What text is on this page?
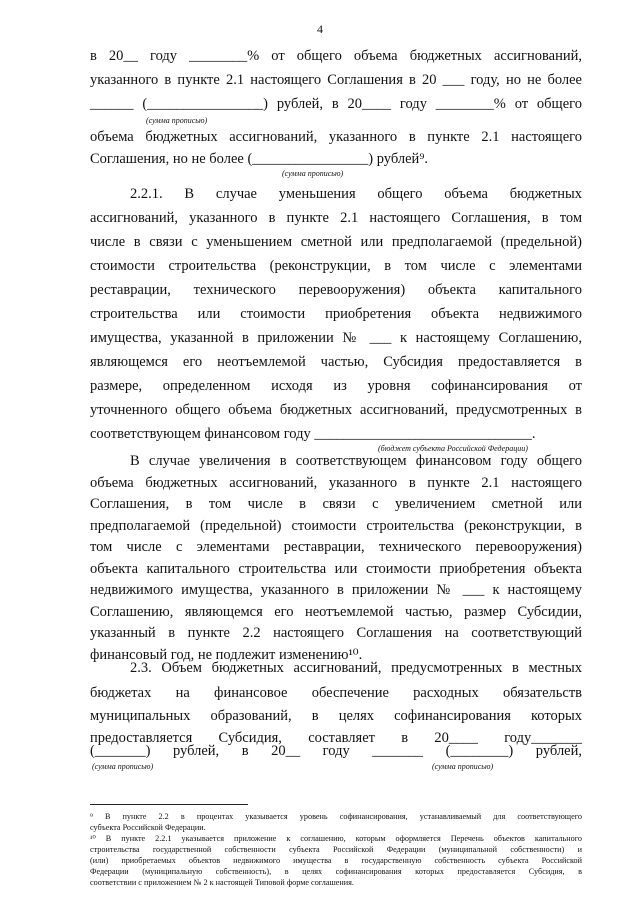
4
в 20__ году ________% от общего объема бюджетных ассигнований,
указанного в пункте 2.1 настоящего Соглашения в 20 ___ году, но не более
______ (________________) рублей, в 20____ году ________% от общего
(сумма прописью)
объема бюджетных ассигнований, указанного в пункте 2.1 настоящего
Соглашения, но не более (________________) рублей⁹.
(сумма прописью)
2.2.1. В случае уменьшения общего объема бюджетных
ассигнований, указанного в пункте 2.1 настоящего Соглашения, в том
числе в связи с уменьшением сметной или предполагаемой (предельной)
стоимости строительства (реконструкции, в том числе с элементами
реставрации, технического перевооружения) объекта капитального
строительства или стоимости приобретения объекта недвижимого
имущества, указанной в приложении № ___ к настоящему Соглашению,
являющемся его неотъемлемой частью, Субсидия предоставляется в
размере, определенном исходя из уровня софинансирования от
уточненного общего объема бюджетных ассигнований, предусмотренных в
соответствующем финансовом году ______________________________.
(бюджет субъекта Российской Федерации)
В случае увеличения в соответствующем финансовом году общего
объема бюджетных ассигнований, указанного в пункте 2.1 настоящего
Соглашения, в том числе в связи с увеличением сметной или
предполагаемой (предельной) стоимости строительства (реконструкции, в
том числе с элементами реставрации, технического перевооружения)
объекта капитального строительства или стоимости приобретения объекта
недвижимого имущества, указанного в приложении № ___ к настоящему
Соглашению, являющемся его неотъемлемой частью, размер Субсидии,
указанный в пункте 2.2 настоящего Соглашения на соответствующий
финансовый год, не подлежит изменению¹⁰.
2.3. Объем бюджетных ассигнований, предусмотренных в местных
бюджетах на финансовое обеспечение расходных обязательств
муниципальных образований, в целях софинансирования которых
предоставляется Субсидия, составляет в 20____ году_______
(_______) рублей, в 20__ году _______ (________) рублей,
(сумма прописью)	(сумма прописью)
⁹ В пункте 2.2 в процентах указывается уровень софинансирования, устанавливаемый для соответствующего
субъекта Российской Федерации.
¹⁰ В пункте 2.2.1 указывается приложение к соглашению, которым оформляется Перечень объектов капитального
строительства государственной собственности субъекта Российской Федерации (муниципальной собственности) и
(или) приобретаемых объектов недвижимого имущества в государственную собственность субъекта Российской
Федерации (муниципальную собственность), в целях софинансирования которых предоставляется Субсидия, в
соответствии с приложением № 2 к настоящей Типовой форме соглашения.
